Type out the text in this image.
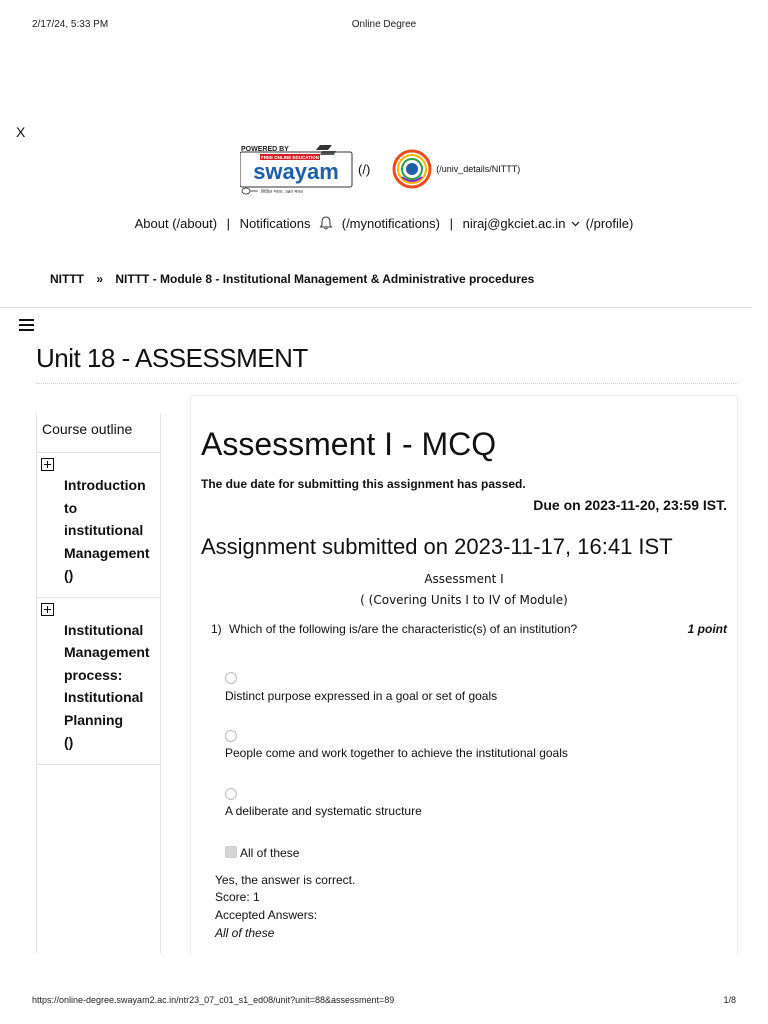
2/17/24, 5:33 PM	Online Degree
X
POWERED BY
FREE ONLINE EDUCATION
swayam
शिक्षित भारत, उन्नत भारत
(/)	(/univ_details/NITTT)
About (/about) | Notifications (/mynotifications) | niraj@gkciet.ac.in (/profile)
NITTT » NITTT - Module 8 - Institutional Management & Administrative procedures
Unit 18 - ASSESSMENT
Course outline
Introduction to institutional Management
()
Institutional Management process: Institutional Planning
()
Assessment I - MCQ
The due date for submitting this assignment has passed.
Due on 2023-11-20, 23:59 IST.
Assignment submitted on 2023-11-17, 16:41 IST
Assessment I
( (Covering Units I to IV of Module)
1) Which of the following is/are the characteristic(s) of an institution?	1 point
Distinct purpose expressed in a goal or set of goals
People come and work together to achieve the institutional goals
A deliberate and systematic structure
All of these
Yes, the answer is correct.
Score: 1
Accepted Answers:
All of these
https://online-degree.swayam2.ac.in/ntr23_07_c01_s1_ed08/unit?unit=88&assessment=89	1/8
